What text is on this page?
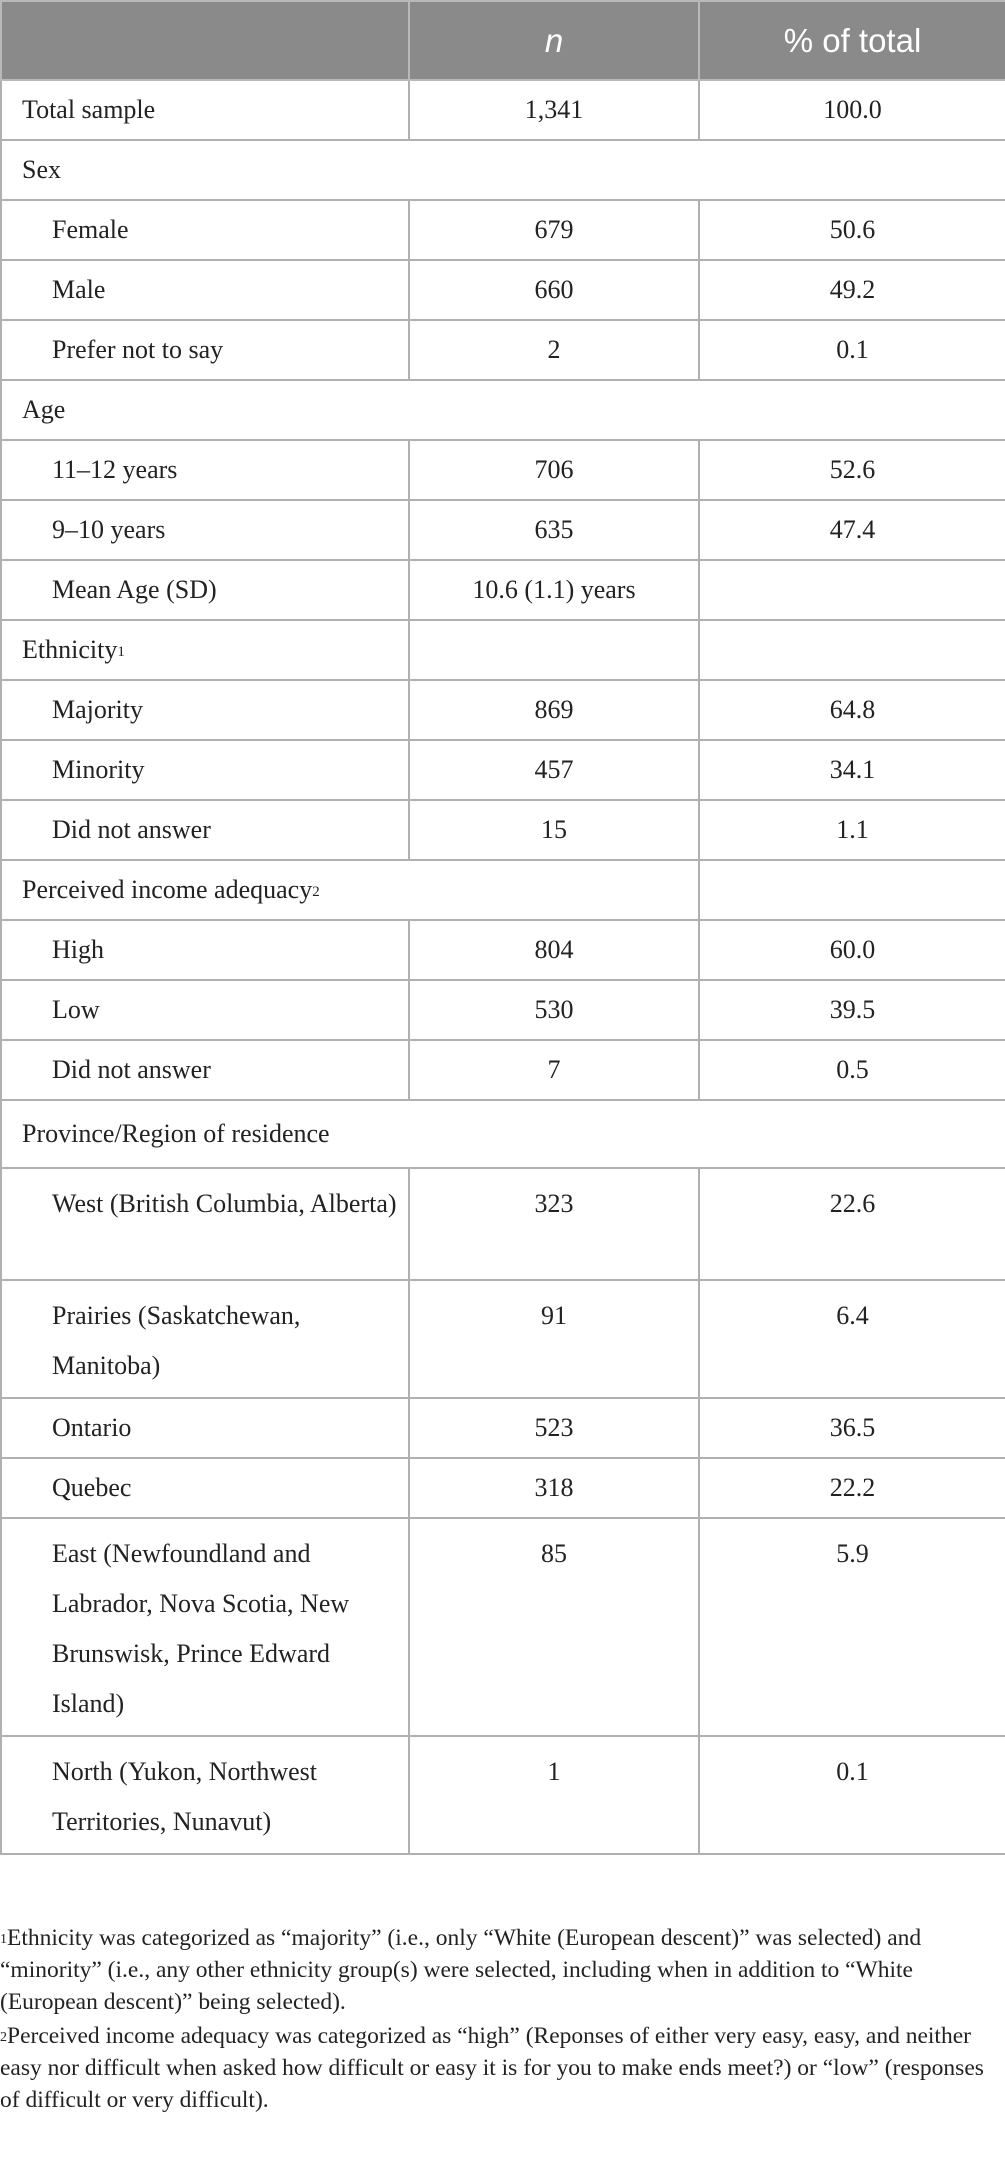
	n	% of total
Total sample	1,341	100.0
Sex		
Female	679	50.6
Male	660	49.2
Prefer not to say	2	0.1
Age		
11–12 years	706	52.6
9–10 years	635	47.4
Mean Age (SD)	10.6 (1.1) years	
Ethnicity$^1$		
Majority	869	64.8
Minority	457	34.1
Did not answer	15	1.1
Perceived income adequacy$^2$	
High	804	60.0
Low	530	39.5
Did not answer	7	0.5
Province/Region of residence		
West (British Columbia, Alberta)	323	22.6
Prairies (Saskatchewan, Manitoba)	91	6.4
Ontario	523	36.5
Quebec	318	22.2
East (Newfoundland and Labrador, Nova Scotia, New Brunswisk, Prince Edward Island)	85	5.9
North (Yukon, Northwest Territories, Nunavut)	1	0.1

$^1$Ethnicity was categorized as “majority” (i.e., only “White (European descent)” was selected) and “minority” (i.e., any other ethnicity group(s) were selected, including when in addition to “White (European descent)” being selected).

$^2$Perceived income adequacy was categorized as “high” (Reponses of either very easy, easy, and neither easy nor difficult when asked how difficult or easy it is for you to make ends meet?) or “low” (responses of difficult or very difficult).
